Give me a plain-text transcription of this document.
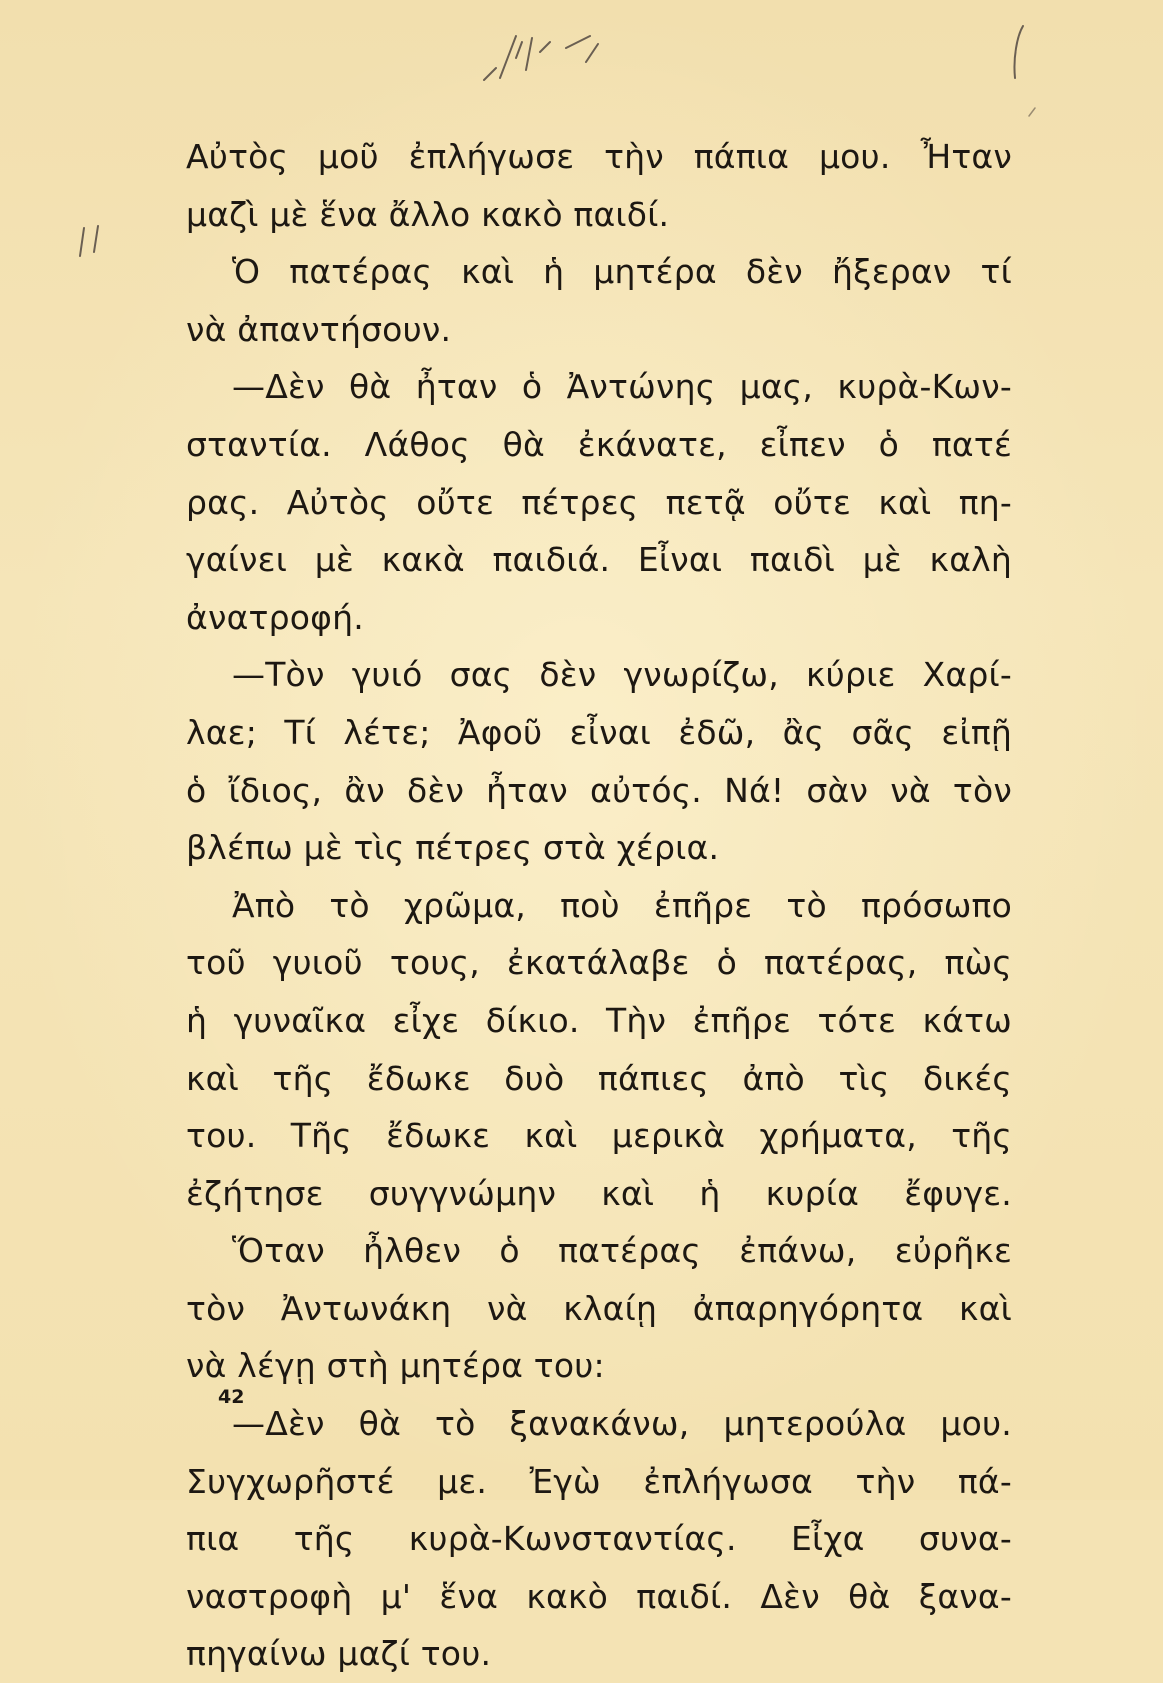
Αὐτὸς μοῦ ἐπλήγωσε τὴν πάπια μου. Ἦταν
μαζὶ μὲ ἕνα ἄλλο κακὸ παιδί.
Ὁ πατέρας καὶ ἡ μητέρα δὲν ἤξεραν τί
νὰ ἀπαντήσουν.
—Δὲν θὰ ἦταν ὁ Ἀντώνης μας, κυρὰ-Κων-
σταντία. Λάθος θὰ ἐκάνατε, εἶπεν ὁ πατέ
ρας. Αὐτὸς οὔτε πέτρες πετᾷ οὔτε καὶ πη-
γαίνει μὲ κακὰ παιδιά. Εἶναι παιδὶ μὲ καλὴ
ἀνατροφή.
—Τὸν γυιό σας δὲν γνωρίζω, κύριε Χαρί-
λαε; Τί λέτε; Ἀφοῦ εἶναι ἐδῶ, ἂς σᾶς εἰπῇ
ὁ ἴδιος, ἂν δὲν ἦταν αὐτός. Νά! σὰν νὰ τὸν
βλέπω μὲ τὶς πέτρες στὰ χέρια.
Ἀπὸ τὸ χρῶμα, ποὺ ἐπῆρε τὸ πρόσωπο
τοῦ γυιοῦ τους, ἐκατάλαβε ὁ πατέρας, πὼς
ἡ γυναῖκα εἶχε δίκιο. Τὴν ἐπῆρε τότε κάτω
καὶ τῆς ἔδωκε δυὸ πάπιες ἀπὸ τὶς δικές
του. Τῆς ἔδωκε καὶ μερικὰ χρήματα, τῆς
ἐζήτησε συγγνώμην καὶ ἡ κυρία ἔφυγε.
Ὅταν ἦλθεν ὁ πατέρας ἐπάνω, εὐρῆκε
τὸν Ἀντωνάκη νὰ κλαίῃ ἀπαρηγόρητα καὶ
νὰ λέγῃ στὴ μητέρα του:
—Δὲν θὰ τὸ ξανακάνω, μητερούλα μου.
Συγχωρῆστέ με. Ἐγὼ ἐπλήγωσα τὴν πά-
πια τῆς κυρὰ-Κωνσταντίας. Εἶχα συνα-
ναστροφὴ μ' ἕνα κακὸ παιδί. Δὲν θὰ ξανα-
πηγαίνω μαζί του.
42
